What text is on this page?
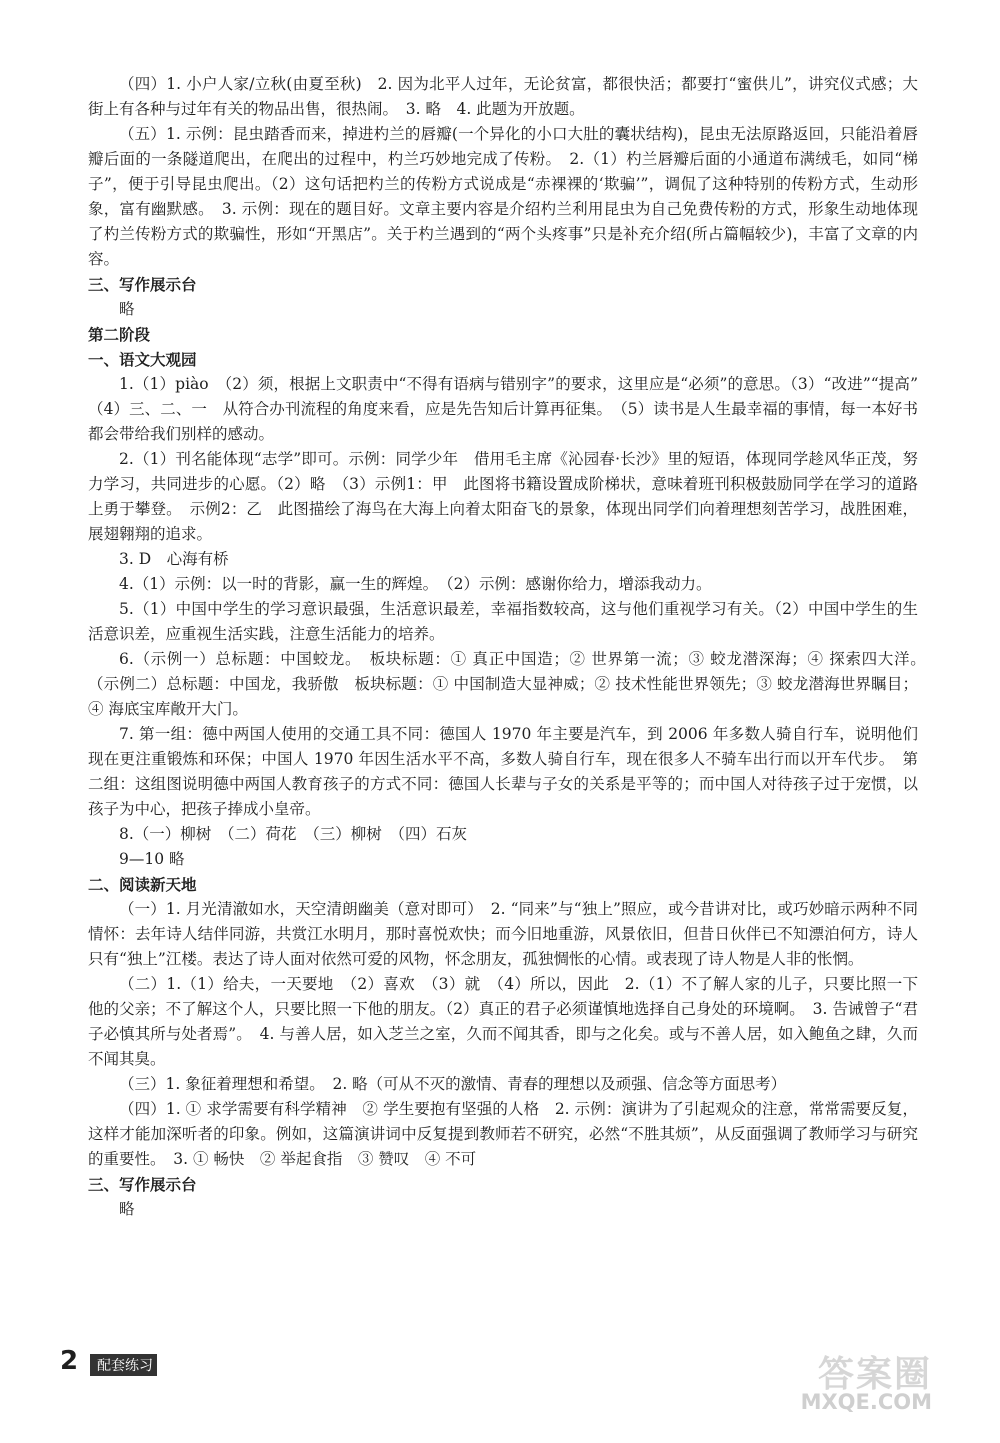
（四）1. 小户人家/立秋(由夏至秋)　2. 因为北平人过年，无论贫富，都很快活；都要打“蜜供儿”，讲究仪式感；大街上有各种与过年有关的物品出售，很热闹。　3. 略　4. 此题为开放题。

（五）1. 示例：昆虫踏香而来，掉进杓兰的唇瓣(一个异化的小口大肚的囊状结构)，昆虫无法原路返回，只能沿着唇瓣后面的一条隧道爬出，在爬出的过程中，杓兰巧妙地完成了传粉。　2.（1）杓兰唇瓣后面的小通道布满绒毛，如同“梯子”，便于引导昆虫爬出。（2）这句话把杓兰的传粉方式说成是“赤裸裸的‘欺骗’”，调侃了这种特别的传粉方式，生动形象，富有幽默感。　3. 示例：现在的题目好。文章主要内容是介绍杓兰利用昆虫为自己免费传粉的方式，形象生动地体现了杓兰传粉方式的欺骗性，形如“开黑店”。关于杓兰遇到的“两个头疼事”只是补充介绍(所占篇幅较少)，丰富了文章的内容。

三、写作展示台

略

第二阶段

一、语文大观园

1.（1）piào　（2）须，根据上文职责中“不得有语病与错别字”的要求，这里应是“必须”的意思。（3）“改进”“提高”　（4）三、二、一　从符合办刊流程的角度来看，应是先告知后计算再征集。　（5）读书是人生最幸福的事情，每一本好书都会带给我们别样的感动。

2.（1）刊名能体现“志学”即可。示例：同学少年　借用毛主席《沁园春·长沙》里的短语，体现同学趁风华正茂，努力学习，共同进步的心愿。（2）略　（3）示例1：甲　此图将书籍设置成阶梯状，意味着班刊积极鼓励同学在学习的道路上勇于攀登。　示例2：乙　此图描绘了海鸟在大海上向着太阳奋飞的景象，体现出同学们向着理想刻苦学习，战胜困难，展翅翱翔的追求。

3. D　心海有桥

4.（1）示例：以一时的背影，赢一生的辉煌。　（2）示例：感谢你给力，增添我动力。

5.（1）中国中学生的学习意识最强，生活意识最差，幸福指数较高，这与他们重视学习有关。（2）中国中学生的生活意识差，应重视生活实践，注意生活能力的培养。

6.（示例一）总标题：中国蛟龙。　板块标题：① 真正中国造；② 世界第一流；③ 蛟龙潜深海；④ 探索四大洋。　（示例二）总标题：中国龙，我骄傲　板块标题：① 中国制造大显神威；② 技术性能世界领先；③ 蛟龙潜海世界瞩目；④ 海底宝库敞开大门。

7. 第一组：德中两国人使用的交通工具不同：德国人 1970 年主要是汽车，到 2006 年多数人骑自行车，说明他们现在更注重锻炼和环保；中国人 1970 年因生活水平不高，多数人骑自行车，现在很多人不骑车出行而以开车代步。　第二组：这组图说明德中两国人教育孩子的方式不同：德国人长辈与子女的关系是平等的；而中国人对待孩子过于宠惯，以孩子为中心，把孩子捧成小皇帝。

8.（一）柳树　（二）荷花　（三）柳树　（四）石灰

9—10 略

二、阅读新天地

（一）1. 月光清澈如水，天空清朗幽美（意对即可）　2. “同来”与“独上”照应，或今昔讲对比，或巧妙暗示两种不同情怀：去年诗人结伴同游，共赏江水明月，那时喜悦欢快；而今旧地重游，风景依旧，但昔日伙伴已不知漂泊何方，诗人只有“独上”江楼。表达了诗人面对依然可爱的风物，怀念朋友，孤独惆怅的心情。或表现了诗人物是人非的怅惘。

（二）1.（1）给夫，一天要地　（2）喜欢　（3）就　（4）所以，因此　2.（1）不了解人家的儿子，只要比照一下他的父亲；不了解这个人，只要比照一下他的朋友。（2）真正的君子必须谨慎地选择自己身处的环境啊。　3. 告诫曾子“君子必慎其所与处者焉”。　4. 与善人居，如入芝兰之室，久而不闻其香，即与之化矣。或与不善人居，如入鲍鱼之肆，久而不闻其臭。

（三）1. 象征着理想和希望。　2. 略（可从不灭的激情、青春的理想以及顽强、信念等方面思考）

（四）1. ① 求学需要有科学精神　② 学生要抱有坚强的人格　2. 示例：演讲为了引起观众的注意，常常需要反复，这样才能加深听者的印象。例如，这篇演讲词中反复提到教师若不研究，必然“不胜其烦”，从反面强调了教师学习与研究的重要性。　3. ① 畅快　② 举起食指　③ 赞叹　④ 不可

三、写作展示台

略

2	配套练习	答案圈
MXQE.COM
